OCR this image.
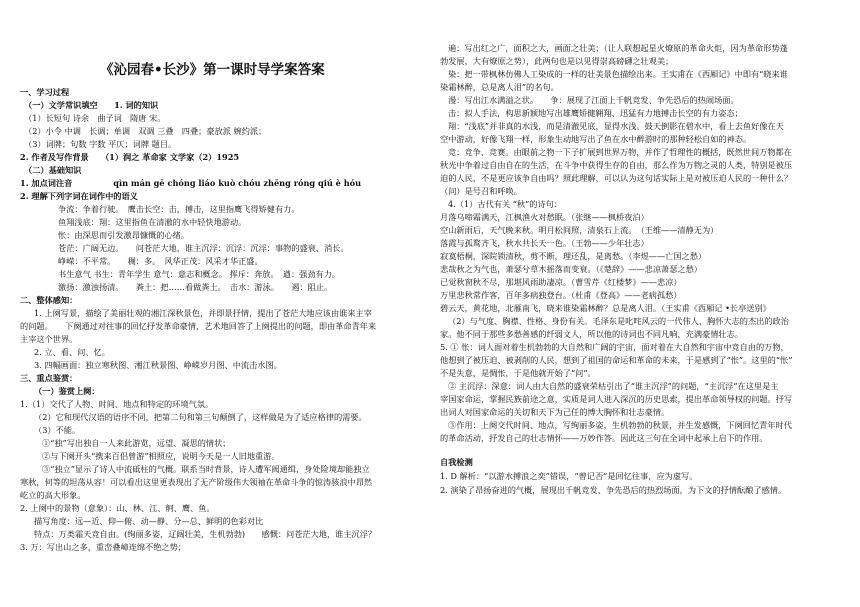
《沁园春•长沙》第一课时导学案答案
一、学习过程
（一）文学常识填空　　1. 词的知识
（1）长短句 诗余　曲子词　隋唐 宋。
（2）小令 中调　长调；单调　双调 三叠　四叠；豪放派 婉约派；
（3）词牌；句数 字数 平仄；词牌 题目。
2. 作者及写作背景　　（1）润之 革命家 文学家（2）1925
（二）基础知识
1. 加点词注音　　　　　qìn mán gē chóng liáo kuò chóu zhēng róng qiú è hóu
2. 理解下列字词在词作中的语义
争流：争着行驶。　鹰击长空：击，搏击，这里指鹰飞得矫健有力。
鱼翔浅底：翔：这里指鱼在清澈的水中轻快地游动。
怅：由深思而引发激昂慷慨的心绪。
苍茫：广阔无边。　　问苍茫大地，谁主沉浮：沉浮：沉浮：事物的盛衰、消长。
峥嵘：不平常。　　稠：多。　风华正茂：风采才华正盛。
书生意气 书生：青年学生 意气：意志和概念。 挥斥：奔放。　遒：强劲有力。
激扬：激浊扬清。　　粪土：把……看做粪土。　击水：游泳。　　遏：阻止。
二、整体感知：
1. 上阕写景，描绘了美丽壮观的湘江深秋景色，并即景抒情，提出了苍茫大地应该由谁来主宰
的问题。　　下阕通过对往事的回忆抒发革命豪情，艺术地回答了上阕提出的问题，即由革命青年来
主宰这个世界。
2. 立、看、问、忆。
3. 四幅画面：独立寒秋图、湘江秋景图、峥嵘岁月图、中流击水图。
三、重点鉴赏：
（一）鉴赏上阕：
1.（1）交代了人物、时间、地点和特定的环境气氛。
（2）它和现代汉语的语序不同，把第二句和第三句颠倒了，这样做是为了适应格律的需要。
（3）不能。
①“独”写出独自一人来此游览，远望、凝思的情状；
②与下阕开头“携来百侣曾游”相照应，说明今天是一人旧地重游。
③“独立”显示了诗人中流砥柱的气概。联系当时背景，诗人遭军阀通缉，身处险境却能独立
寒秋，何等的坦荡从容！可以看出这里更表现出了无产阶级伟大领袖在革命斗争的惊涛骇浪中昂然
屹立的高大形象。
2. 上阕中的景物（意象）：山、林、江、舸、鹰、鱼。
描写角度：远—近、仰—俯、动—静、分—总、鲜明的色彩对比
特点：万类霜天竞自由。(绚丽多姿，辽阔壮美，生机勃勃)　　感慨：问苍茫大地，谁主沉浮？
3. 万：写出山之多，重峦叠嶂连绵不绝之势；
遍：写出红之广，面积之大，画面之壮美；（让人联想起星火燎原的革命火炬，因为革命形势蓬
勃发展，大有燎原之势），此两句也是以见得崇高磅礴之壮观美；
染：把一带枫林仿佛人工染成的一样的壮美景色描绘出来。王实甫在《西厢记》中即有“晓来谁
染霜林醉，总是离人泪”的名句。
漫：写出江水满溢之状。　　争：展现了江面上千帆竞发、争先恐后的热闹场面。
击：拟人手法，构思新颖地写出雄鹰矫健翱翔、迅猛有力地搏击长空的有力姿态；
翔：“浅底”并非真的水浅，而是清澈见底，显得水浅。鼓天倒影在碧水中，看上去鱼好像在天
空中游动，好像飞翔一样，形象生动地写出了鱼在水中醉游时的那种轻松自如的神态。
竞：竞争、竞赛。由眼前之物一下子扩展到世界万物，并作了哲理性的概括，既然世间万物都在
秋光中争着过自由自在的生活，在斗争中获得生存的自由，那么作为万物之灵的人类，特别是被压
迫的人民，不是更应该争自由吗？照此理解，可以认为这句话实际上是对被压迫人民的一种什么？
（问）是号召和呼唤。
4.（1）古代有关 “秋”的诗句：
月落乌啼霜满天，江枫渔火对愁眠。（张继——枫桥夜泊）
空山新雨后，天气晚来秋。明月松间照，清泉石上流。　（王维——清静无为）
落霞与孤鹜齐飞，秋水共长天一色。（王勃——少年壮志）
寂寞梧桐，深院锁清秋，剪不断，理还乱，是离愁。（李煜——亡国之愁）
悲哉秋之为气也，萧瑟兮草木摇落而变衰。（《楚辞》——悲凉萧瑟之愁）
已觉秋窗秋不尽，那堪风雨助凄凉。（曹雪芹《红楼梦》——悲凉）
万里悲秋常作客，百年多病独登台。（杜甫《登高》——老病孤愁）
碧云天，黄花地，北雁南飞，晓来谁染霜林醉？总是离人泪。（王实甫《西厢记 •长亭送别》
（2）与气度、胸襟、性格、身份有关。毛泽东是叱咤风云的一代伟人，胸怀大志的杰出的政治
家。他不同于那些多愁善感的纤弱文人，所以他的诗词也不同凡响，充满豪情壮志。
5. ① 怅：词人面对着生机勃勃的大自然和广阔的宇宙，面对着在大自然和宇宙中竞自由的万物，
他想到了被压迫、被剥削的人民，想到了祖国的命运和革命的未来，于是感到了“怅”。这里的“怅”
不是失意，是惆怅，于是他就开始了“问”。
② 主沉浮：深意：词人由大自然的盛衰荣枯引出了“谁主沉浮”的问题，“主沉浮”在这里是主
宰国家命运，掌握民族前途之意，实质是词人进入深沉的历史思索，提出革命领导权的问题。抒写
出词人对国家命运的关切和天下为己任的博大胸怀和壮志豪情。
③作用：上阕交代时间、地点，写绚丽多姿，生机勃勃的秋景，并生发感慨，下阕回忆青年时代
的革命活动，抒发自己的壮志情怀——万妙作答。因此这三句在全词中起承上启下的作用。
自我检测
1. D 解析：“以游水搏浪之奕”错误，“曾记否”是回忆往事，应为虚写。
2. 演染了昂扬奋进的气概，展现出千帆竞发、争先恐后的热烈场面，为下文的抒情酝酿了感情。
